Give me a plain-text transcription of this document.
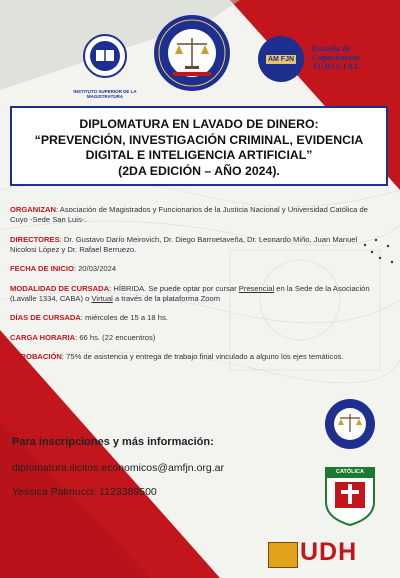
INSTITUTO SUPERIOR DE LA MAGISTRATURA
AM FJN
Escuela de
Capacitación
JUDICIAL
DIPLOMATURA EN LAVADO DE DINERO:
“PREVENCIÓN, INVESTIGACIÓN CRIMINAL, EVIDENCIA
DIGITAL E INTELIGENCIA ARTIFICIAL”
(2DA EDICIÓN – AÑO 2024).

ORGANIZAN: Asociación de Magistrados y Funcionarios de la Justicia Nacional y Universidad Católica de Cuyo -Sede San Luis-.

DIRECTORES: Dr. Gustavo Darío Meirovich, Dr. Diego Barroetaveña, Dr. Leonardo Miño, Juan Manuel Nicolosi López y Dr. Rafael Berruezo.

FECHA DE INICIO: 20/03/2024

MODALIDAD DE CURSADA: HÍBRIDA. Se puede optar por cursar Presencial en la Sede de la Asociación (Lavalle 1334, CABA) o Virtual a través de la plataforma Zoom

DÍAS DE CURSADA: miércoles de 15 a 18 hs.

CARGA HORARIA: 66 hs. (22 encuentros)

APROBACIÓN: 75% de asistencia y entrega de trabajo final vinculado a alguno los ejes temáticos.

Para inscripciones y más información:
diplomatura.ilicitos.economicos@amfjn.org.ar
Yessica Palmucci: 1123389500
CATÓLICA
UDH
CÁTEDRA UNESCO
